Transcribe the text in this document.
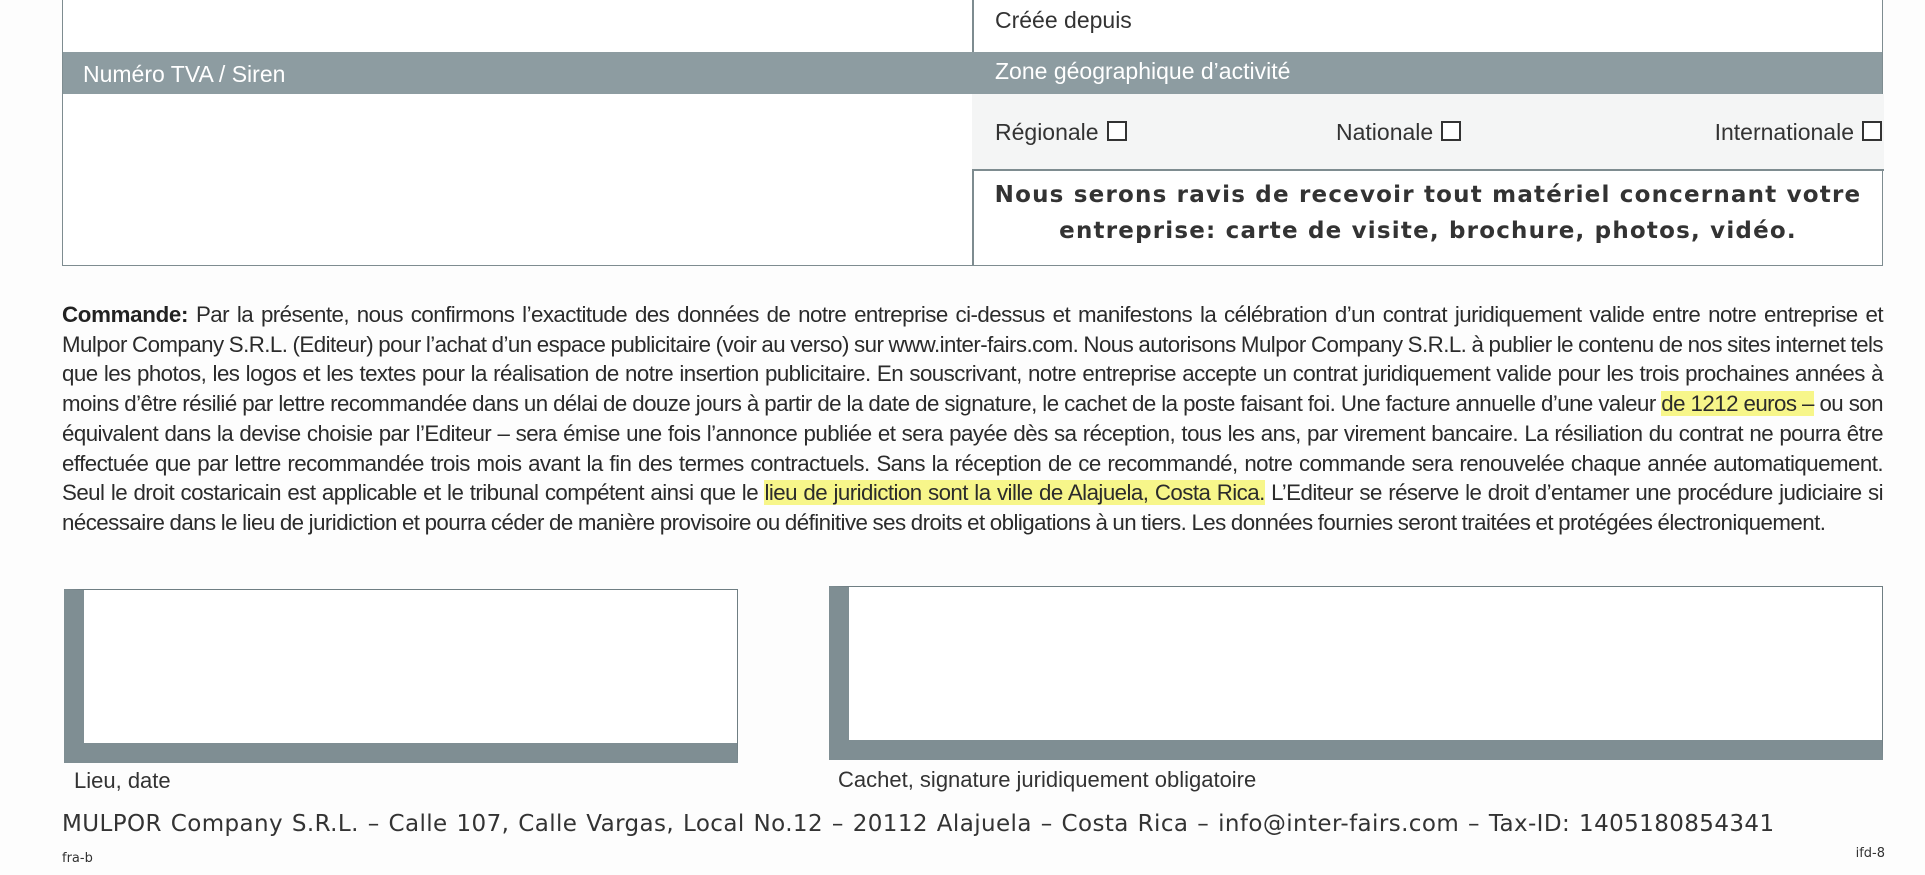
Créée depuis
Numéro TVA / Siren	Zone géographique d’activité
Régionale	Nationale	Internationale
Nous serons ravis de recevoir tout matériel concernant votre entreprise: carte de visite, brochure, photos, vidéo.
Commande: Par la présente, nous confirmons l’exactitude des données de notre entreprise ci-dessus et manifestons la célébration d’un contrat juridiquement valide entre notre entreprise et Mulpor Company S.R.L. (Editeur) pour l’achat d’un espace publicitaire (voir au verso) sur www.inter-fairs.com. Nous autorisons Mulpor Company S.R.L. à publier le contenu de nos sites internet tels que les photos, les logos et les textes pour la réalisation de notre insertion publicitaire. En souscrivant, notre entreprise accepte un contrat juridiquement valide pour les trois prochaines années à moins d’être résilié par lettre recommandée dans un délai de douze jours à partir de la date de signature, le cachet de la poste faisant foi. Une facture annuelle d’une valeur de 1212 euros – ou son équivalent dans la devise choisie par l’Editeur – sera émise une fois l’annonce publiée et sera payée dès sa réception, tous les ans, par virement bancaire. La résiliation du contrat ne pourra être effectuée que par lettre recommandée trois mois avant la fin des termes contractuels. Sans la réception de ce recommandé, notre commande sera renouvelée chaque année automatiquement. Seul le droit costaricain est applicable et le tribunal compétent ainsi que le lieu de juridiction sont la ville de Alajuela, Costa Rica. L’Editeur se réserve le droit d’entamer une procédure judiciaire si nécessaire dans le lieu de juridiction et pourra céder de manière provisoire ou définitive ses droits et obligations à un tiers. Les données fournies seront traitées et protégées électroniquement.
Lieu, date	Cachet, signature juridiquement obligatoire
MULPOR Company S.R.L. – Calle 107, Calle Vargas, Local No.12 – 20112 Alajuela – Costa Rica – info@inter-fairs.com – Tax-ID: 1405180854341
fra-b	ifd-8
